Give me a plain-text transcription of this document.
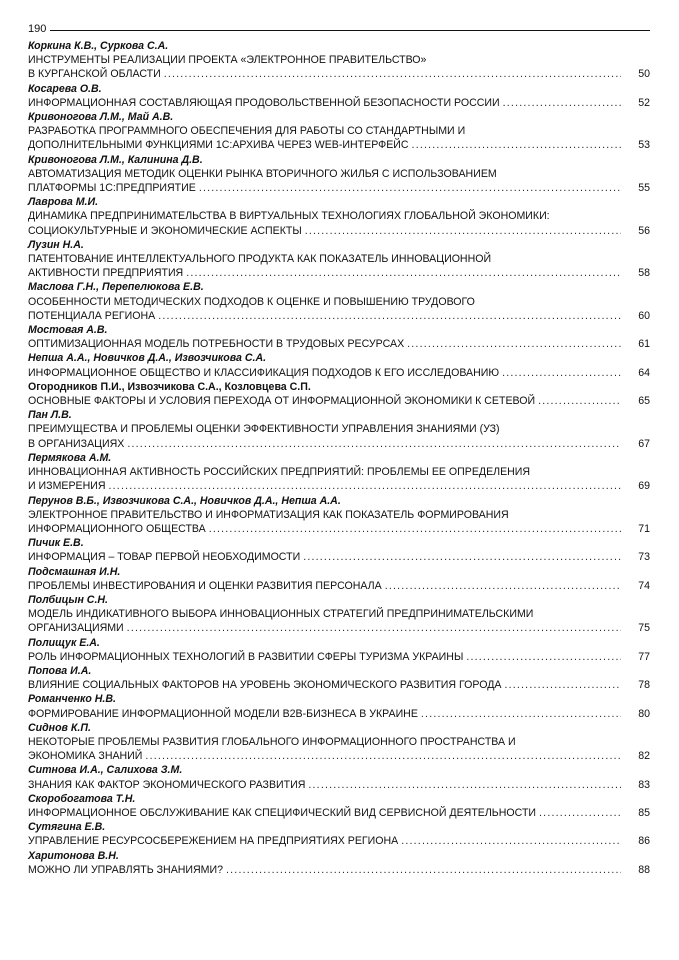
190
Коркина К.В., Суркова С.А.
ИНСТРУМЕНТЫ РЕАЛИЗАЦИИ ПРОЕКТА «ЭЛЕКТРОННОЕ ПРАВИТЕЛЬСТВО»
В КУРГАНСКОЙ ОБЛАСТИ .....	50
Косарева О.В.
ИНФОРМАЦИОННАЯ СОСТАВЛЯЮЩАЯ ПРОДОВОЛЬСТВЕННОЙ БЕЗОПАСНОСТИ РОССИИ .....	52
Кривоногова Л.М., Май А.В.
РАЗРАБОТКА ПРОГРАММНОГО ОБЕСПЕЧЕНИЯ ДЛЯ РАБОТЫ СО СТАНДАРТНЫМИ И
ДОПОЛНИТЕЛЬНЫМИ ФУНКЦИЯМИ 1С:АРХИВА ЧЕРЕЗ WEB-ИНТЕРФЕЙС .....	53
Кривоногова Л.М., Калинина Д.В.
АВТОМАТИЗАЦИЯ МЕТОДИК ОЦЕНКИ РЫНКА ВТОРИЧНОГО ЖИЛЬЯ С ИСПОЛЬЗОВАНИЕМ
ПЛАТФОРМЫ 1С:ПРЕДПРИЯТИЕ .....	55
Лаврова М.И.
ДИНАМИКА ПРЕДПРИНИМАТЕЛЬСТВА В ВИРТУАЛЬНЫХ ТЕХНОЛОГИЯХ ГЛОБАЛЬНОЙ ЭКОНОМИКИ:
СОЦИОКУЛЬТУРНЫЕ И ЭКОНОМИЧЕСКИЕ АСПЕКТЫ .....	56
Лузин Н.А.
ПАТЕНТОВАНИЕ ИНТЕЛЛЕКТУАЛЬНОГО ПРОДУКТА КАК ПОКАЗАТЕЛЬ ИННОВАЦИОННОЙ
АКТИВНОСТИ ПРЕДПРИЯТИЯ .....	58
Маслова Г.Н., Перепелюкова Е.В.
ОСОБЕННОСТИ МЕТОДИЧЕСКИХ ПОДХОДОВ К ОЦЕНКЕ И ПОВЫШЕНИЮ ТРУДОВОГО
ПОТЕНЦИАЛА РЕГИОНА .....	60
Мостовая А.В.
ОПТИМИЗАЦИОННАЯ МОДЕЛЬ ПОТРЕБНОСТИ В ТРУДОВЫХ РЕСУРСАХ .....	61
Непша А.А., Новичков Д.А., Извозчикова С.А.
ИНФОРМАЦИОННОЕ ОБЩЕСТВО И КЛАССИФИКАЦИЯ ПОДХОДОВ К ЕГО ИССЛЕДОВАНИЮ .....	64
Огородников П.И., Извозчикова С.А., Козловцева С.П.
ОСНОВНЫЕ ФАКТОРЫ И УСЛОВИЯ ПЕРЕХОДА ОТ ИНФОРМАЦИОННОЙ ЭКОНОМИКИ К СЕТЕВОЙ .....	65
Пан Л.В.
ПРЕИМУЩЕСТВА И ПРОБЛЕМЫ ОЦЕНКИ ЭФФЕКТИВНОСТИ УПРАВЛЕНИЯ ЗНАНИЯМИ (УЗ)
В ОРГАНИЗАЦИЯХ .....	67
Пермякова А.М.
ИННОВАЦИОННАЯ АКТИВНОСТЬ РОССИЙСКИХ ПРЕДПРИЯТИЙ: ПРОБЛЕМЫ ЕЕ ОПРЕДЕЛЕНИЯ
И ИЗМЕРЕНИЯ .....	69
Перунов В.Б., Извозчикова С.А., Новичков Д.А., Непша А.А.
ЭЛЕКТРОННОЕ ПРАВИТЕЛЬСТВО И ИНФОРМАТИЗАЦИЯ КАК ПОКАЗАТЕЛЬ ФОРМИРОВАНИЯ
ИНФОРМАЦИОННОГО ОБЩЕСТВА .....	71
Пичик Е.В.
ИНФОРМАЦИЯ – ТОВАР ПЕРВОЙ НЕОБХОДИМОСТИ .....	73
Подсмашная И.Н.
ПРОБЛЕМЫ ИНВЕСТИРОВАНИЯ И ОЦЕНКИ РАЗВИТИЯ ПЕРСОНАЛА .....	74
Полбицын С.Н.
МОДЕЛЬ ИНДИКАТИВНОГО ВЫБОРА ИННОВАЦИОННЫХ СТРАТЕГИЙ ПРЕДПРИНИМАТЕЛЬСКИМИ
ОРГАНИЗАЦИЯМИ .....	75
Полищук Е.А.
РОЛЬ ИНФОРМАЦИОННЫХ ТЕХНОЛОГИЙ В РАЗВИТИИ СФЕРЫ ТУРИЗМА УКРАИНЫ .....	77
Попова И.А.
ВЛИЯНИЕ СОЦИАЛЬНЫХ ФАКТОРОВ НА УРОВЕНЬ ЭКОНОМИЧЕСКОГО РАЗВИТИЯ ГОРОДА .....	78
Романченко Н.В.
ФОРМИРОВАНИЕ ИНФОРМАЦИОННОЙ МОДЕЛИ B2B-БИЗНЕСА В УКРАИНЕ .....	80
Сиднов К.П.
НЕКОТОРЫЕ ПРОБЛЕМЫ РАЗВИТИЯ ГЛОБАЛЬНОГО ИНФОРМАЦИОННОГО ПРОСТРАНСТВА И
ЭКОНОМИКА ЗНАНИЙ .....	82
Ситнова И.А., Салихова З.М.
ЗНАНИЯ КАК ФАКТОР ЭКОНОМИЧЕСКОГО РАЗВИТИЯ .....	83
Скоробогатова Т.Н.
ИНФОРМАЦИОННОЕ ОБСЛУЖИВАНИЕ КАК СПЕЦИФИЧЕСКИЙ ВИД СЕРВИСНОЙ ДЕЯТЕЛЬНОСТИ .....	85
Сутягина Е.В.
УПРАВЛЕНИЕ РЕСУРСОСБЕРЕЖЕНИЕМ НА ПРЕДПРИЯТИЯХ РЕГИОНА .....	86
Харитонова В.Н.
МОЖНО ЛИ УПРАВЛЯТЬ ЗНАНИЯМИ? .....	88
